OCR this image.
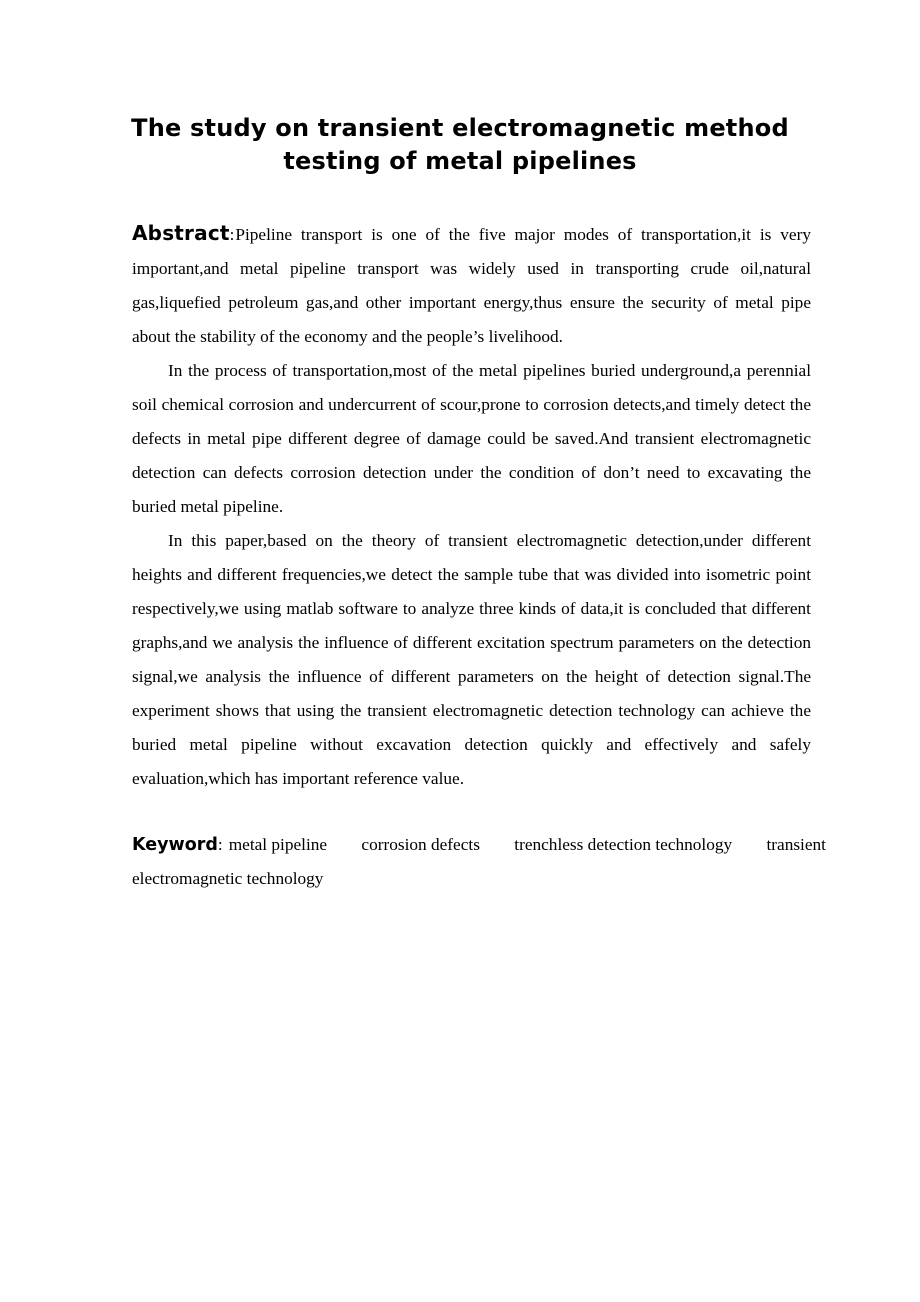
The study on transient electromagnetic method
testing of metal pipelines

Abstract:Pipeline transport is one of the five major modes of transportation,it is very important,and metal pipeline transport was widely used in transporting crude oil,natural gas,liquefied petroleum gas,and other important energy,thus ensure the security of metal pipe about the stability of the economy and the people’s livelihood.

In the process of transportation,most of the metal pipelines buried underground,a perennial soil chemical corrosion and undercurrent of scour,prone to corrosion detects,and timely detect the defects in metal pipe different degree of damage could be saved.And transient electromagnetic detection can defects corrosion detection under the condition of don’t need to excavating the buried metal pipeline.

In this paper,based on the theory of transient electromagnetic detection,under different heights and different frequencies,we detect the sample tube that was divided into isometric point respectively,we using matlab software to analyze three kinds of data,it is concluded that different graphs,and we analysis the influence of different excitation spectrum parameters on the detection signal,we analysis the influence of different parameters on the height of detection signal.The experiment shows that using the transient electromagnetic detection technology can achieve the buried metal pipeline without excavation detection quickly and effectively and safely evaluation,which has important reference value.

Keyword: metal pipeline corrosion defects trenchless detection technology transient
electromagnetic technology
